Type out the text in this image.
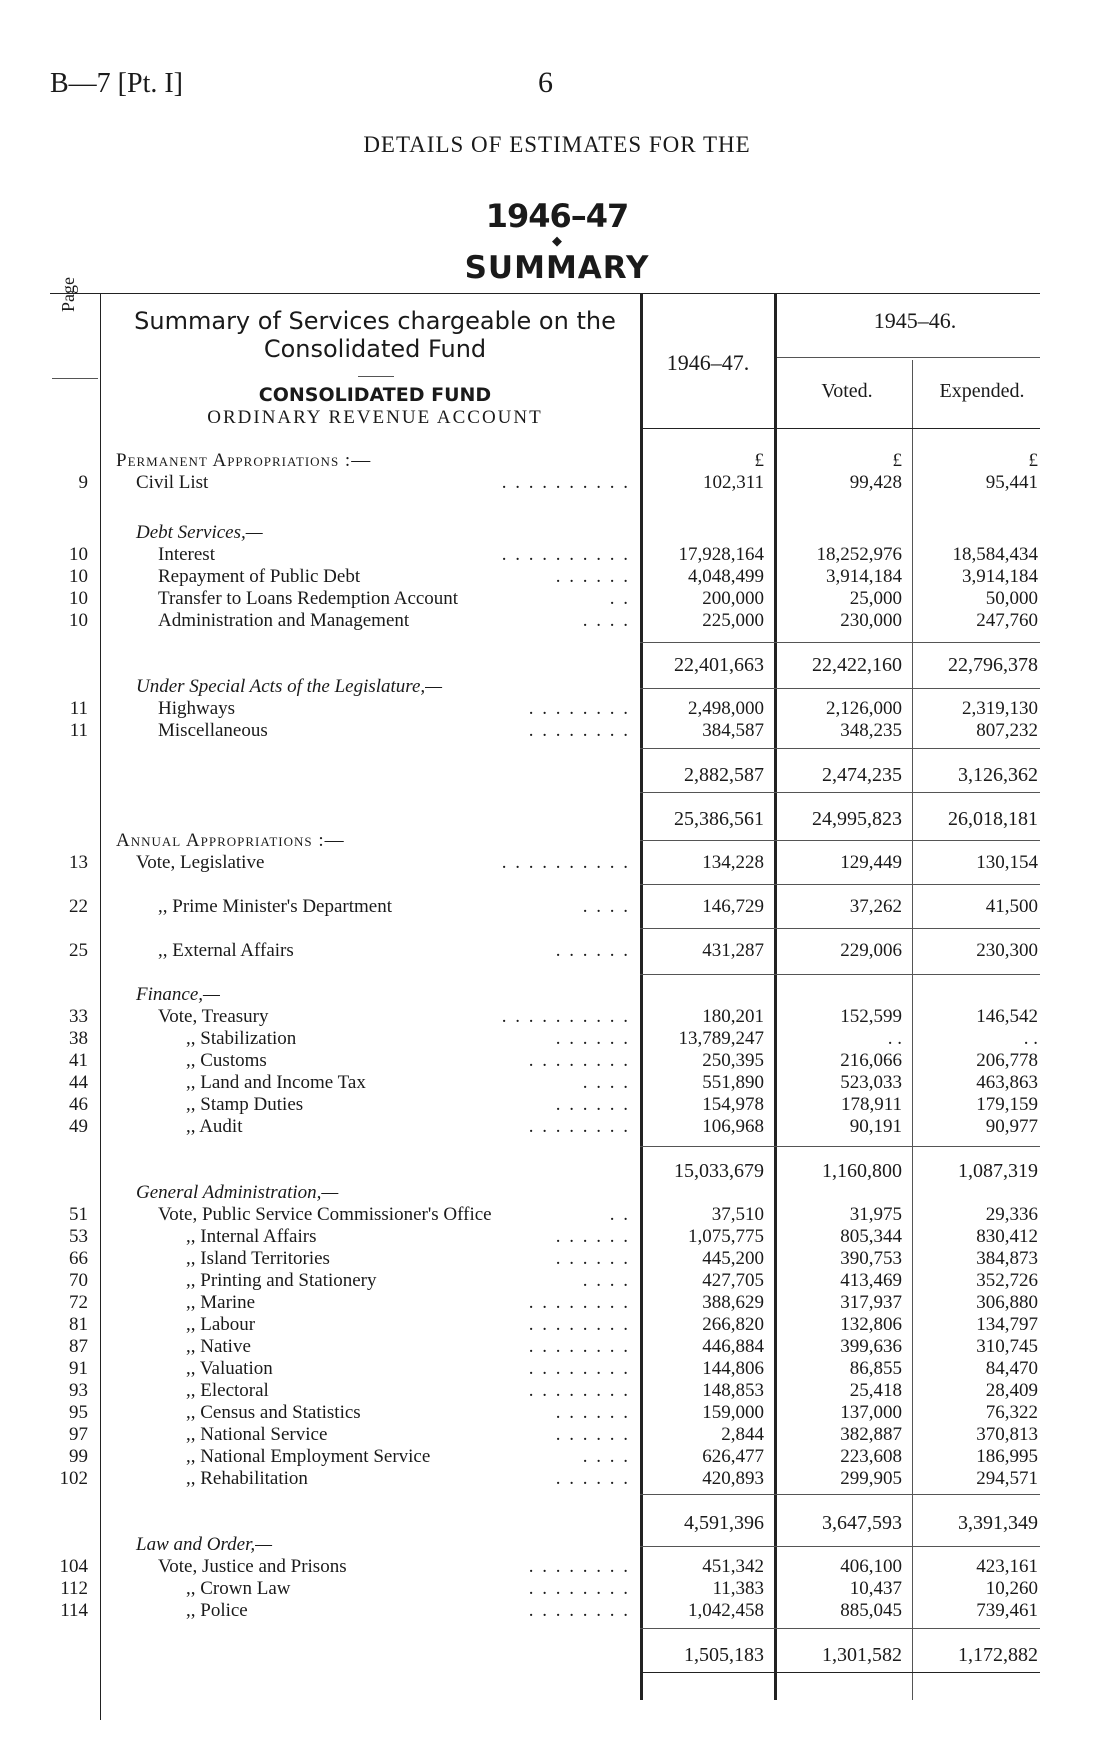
B—7 [Pt. I]	6
DETAILS OF ESTIMATES FOR THE
1946–47
◆
SUMMARY
Page
Summary of Services chargeable on the Consolidated Fund
CONSOLIDATED FUND
ORDINARY REVENUE ACCOUNT
1946–47.
1945–46.
Voted.	Expended.
Permanent Appropriations :—	£	£	£
9	Civil List	. . . . . . . . . .	102,311	99,428	95,441
Debt Services,—
10	Interest	. . . . . . . . . .	17,928,164	18,252,976	18,584,434
10	Repayment of Public Debt	. . . . . .	4,048,499	3,914,184	3,914,184
10	Transfer to Loans Redemption Account	. .	200,000	25,000	50,000
10	Administration and Management	. . . .	225,000	230,000	247,760
22,401,663	22,422,160	22,796,378
Under Special Acts of the Legislature,—
11	Highways	. . . . . . . .	2,498,000	2,126,000	2,319,130
11	Miscellaneous	. . . . . . . .	384,587	348,235	807,232
2,882,587	2,474,235	3,126,362
25,386,561	24,995,823	26,018,181
Annual Appropriations :—
13	Vote, Legislative	. . . . . . . . . .	134,228	129,449	130,154
22	,, Prime Minister's Department	. . . .	146,729	37,262	41,500
25	,, External Affairs	. . . . . .	431,287	229,006	230,300
Finance,—
33	Vote, Treasury	. . . . . . . . . .	180,201	152,599	146,542
38	,, Stabilization	. . . . . .	13,789,247	. .	. .
41	,, Customs	. . . . . . . .	250,395	216,066	206,778
44	,, Land and Income Tax	. . . .	551,890	523,033	463,863
46	,, Stamp Duties	. . . . . .	154,978	178,911	179,159
49	,, Audit	. . . . . . . .	106,968	90,191	90,977
15,033,679	1,160,800	1,087,319
General Administration,—
51	Vote, Public Service Commissioner's Office	. .	37,510	31,975	29,336
53	,, Internal Affairs	. . . . . .	1,075,775	805,344	830,412
66	,, Island Territories	. . . . . .	445,200	390,753	384,873
70	,, Printing and Stationery	. . . .	427,705	413,469	352,726
72	,, Marine	. . . . . . . .	388,629	317,937	306,880
81	,, Labour	. . . . . . . .	266,820	132,806	134,797
87	,, Native	. . . . . . . .	446,884	399,636	310,745
91	,, Valuation	. . . . . . . .	144,806	86,855	84,470
93	,, Electoral	. . . . . . . .	148,853	25,418	28,409
95	,, Census and Statistics	. . . . . .	159,000	137,000	76,322
97	,, National Service	. . . . . .	2,844	382,887	370,813
99	,, National Employment Service	. . . .	626,477	223,608	186,995
102	,, Rehabilitation	. . . . . .	420,893	299,905	294,571
4,591,396	3,647,593	3,391,349
Law and Order,—
104	Vote, Justice and Prisons	. . . . . . . .	451,342	406,100	423,161
112	,, Crown Law	. . . . . . . .	11,383	10,437	10,260
114	,, Police	. . . . . . . .	1,042,458	885,045	739,461
1,505,183	1,301,582	1,172,882
